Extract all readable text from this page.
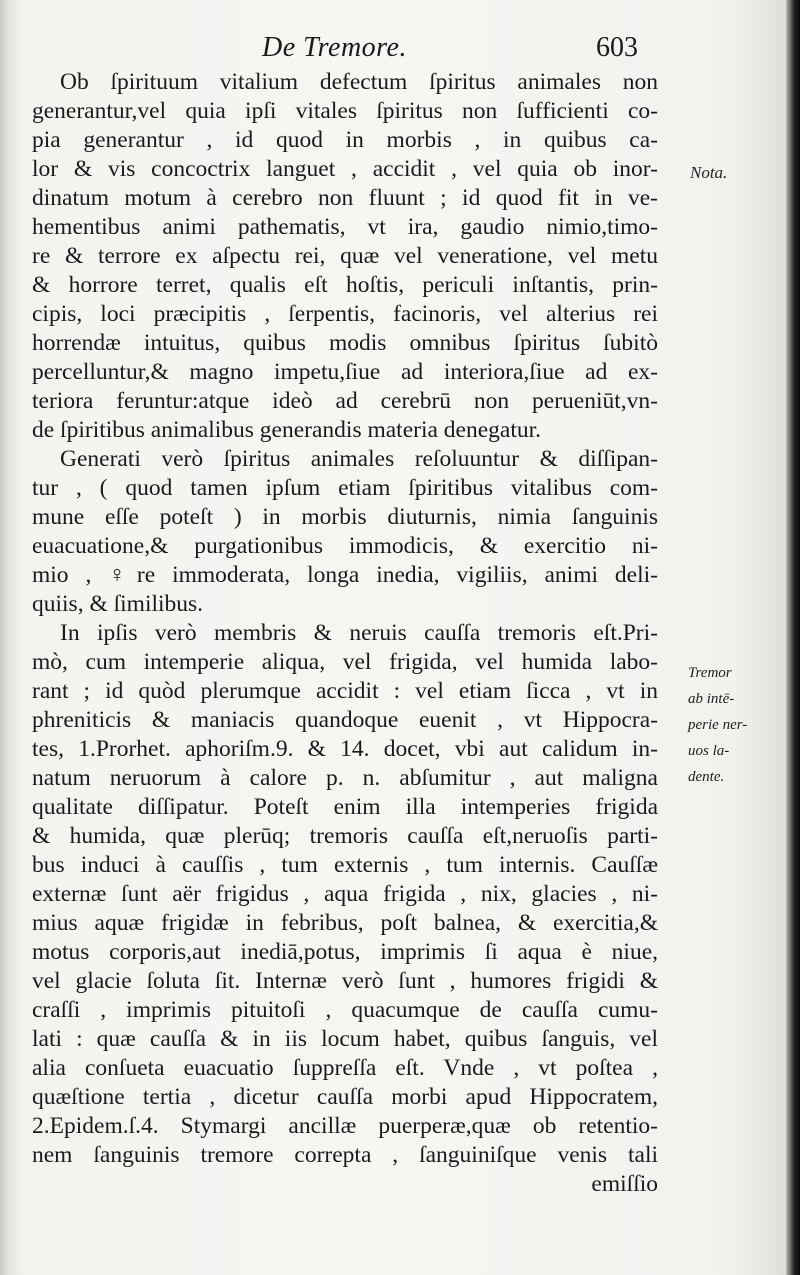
De Tremore.	603
Ob ſpirituum vitalium defectum ſpiritus animales non
generantur,vel quia ipſi vitales ſpiritus non ſufficienti co-
pia generantur , id quod in morbis , in quibus ca-
lor & vis concoctrix languet , accidit , vel quia ob inor-
dinatum motum à cerebro non fluunt ; id quod fit in ve-
hementibus animi pathematis, vt ira, gaudio nimio,timo-
re & terrore ex aſpectu rei, quæ vel veneratione, vel metu
& horrore terret, qualis eſt hoſtis, periculi inſtantis, prin-
cipis, loci præcipitis , ſerpentis, facinoris, vel alterius rei
horrendæ intuitus, quibus modis omnibus ſpiritus ſubitò
percelluntur,& magno impetu,ſiue ad interiora,ſiue ad ex-
teriora feruntur:atque ideò ad cerebrū non perueniūt,vn-
de ſpiritibus animalibus generandis materia denegatur.
Generati verò ſpiritus animales reſoluuntur & diſſipan-
tur , ( quod tamen ipſum etiam ſpiritibus vitalibus com-
mune eſſe poteſt ) in morbis diuturnis, nimia ſanguinis
euacuatione,& purgationibus immodicis, & exercitio ni-
mio , ♀re immoderata, longa inedia, vigiliis, animi deli-
quiis, & ſimilibus.
In ipſis verò membris & neruis cauſſa tremoris eſt.Pri-
mò, cum intemperie aliqua, vel frigida, vel humida labo-
rant ; id quòd plerumque accidit : vel etiam ſicca , vt in
phreniticis & maniacis quandoque euenit , vt Hippocra-
tes, 1.Prorhet. aphoriſm.9. & 14. docet, vbi aut calidum in-
natum neruorum à calore p. n. abſumitur , aut maligna
qualitate diſſipatur. Poteſt enim illa intemperies frigida
& humida, quæ plerūq; tremoris cauſſa eſt,neruoſis parti-
bus induci à cauſſis , tum externis , tum internis. Cauſſæ
externæ ſunt aër frigidus , aqua frigida , nix, glacies , ni-
mius aquæ frigidæ in febribus, poſt balnea, & exercitia,&
motus corporis,aut inediā,potus, imprimis ſi aqua è niue,
vel glacie ſoluta ſit. Internæ verò ſunt , humores frigidi &
craſſi , imprimis pituitoſi , quacumque de cauſſa cumu-
lati : quæ cauſſa & in iis locum habet, quibus ſanguis, vel
alia conſueta euacuatio ſuppreſſa eſt. Vnde , vt poſtea ,
quæſtione tertia , dicetur cauſſa morbi apud Hippocratem,
2.Epidem.ſ.4. Stymargi ancillæ puerperæ,quæ ob retentio-
nem ſanguinis tremore correpta , ſanguiniſque venis tali
emiſſio
Nota.
Tremor
ab intē-
perie ner-
uos la-
dente.
